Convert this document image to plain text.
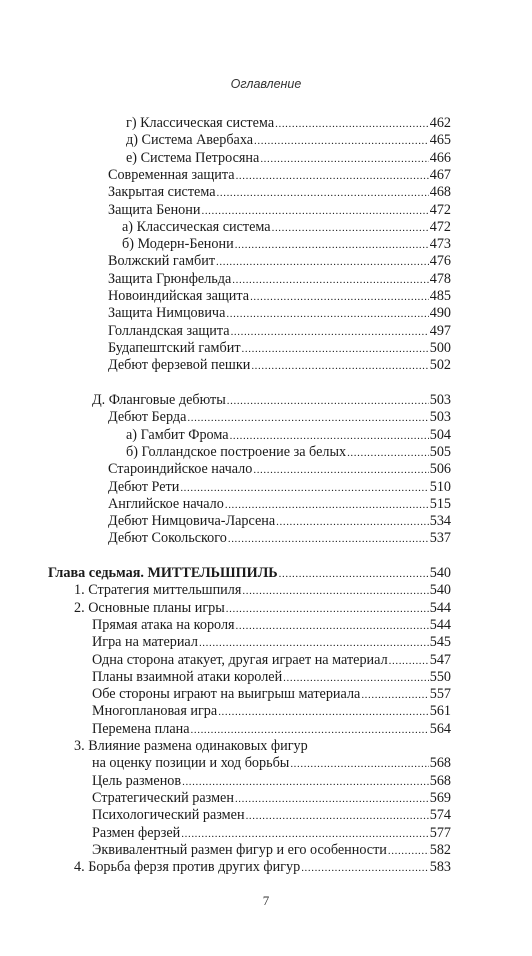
Оглавление
г) Классическая система .....	462
д) Система Авербаха .....	465
е) Система Петросяна .....	466
Современная защита .....	467
Закрытая система .....	468
Защита Бенони .....	472
а) Классическая система .....	472
б) Модерн-Бенони .....	473
Волжский гамбит .....	476
Защита Грюнфельда .....	478
Новоиндийская защита .....	485
Защита Нимцовича .....	490
Голландская защита .....	497
Будапештский гамбит .....	500
Дебют ферзевой пешки .....	502
Д. Фланговые дебюты .....	503
Дебют Берда .....	503
а) Гамбит Фрома .....	504
б) Голландское построение за белых .....	505
Староиндийское начало .....	506
Дебют Рети .....	510
Английское начало .....	515
Дебют Нимцовича-Ларсена .....	534
Дебют Сокольского .....	537
Глава седьмая. МИТТЕЛЬШПИЛЬ .....	540
1. Стратегия миттельшпиля .....	540
2. Основные планы игры .....	544
Прямая атака на короля .....	544
Игра на материал .....	545
Одна сторона атакует, другая играет на материал .....	547
Планы взаимной атаки королей .....	550
Обе стороны играют на выигрыш материала .....	557
Многоплановая игра .....	561
Перемена плана .....	564
3. Влияние размена одинаковых фигур
на оценку позиции и ход борьбы .....	568
Цель разменов .....	568
Стратегический размен .....	569
Психологический размен .....	574
Размен ферзей .....	577
Эквивалентный размен фигур и его особенности .....	582
4. Борьба ферзя против других фигур .....	583
7
